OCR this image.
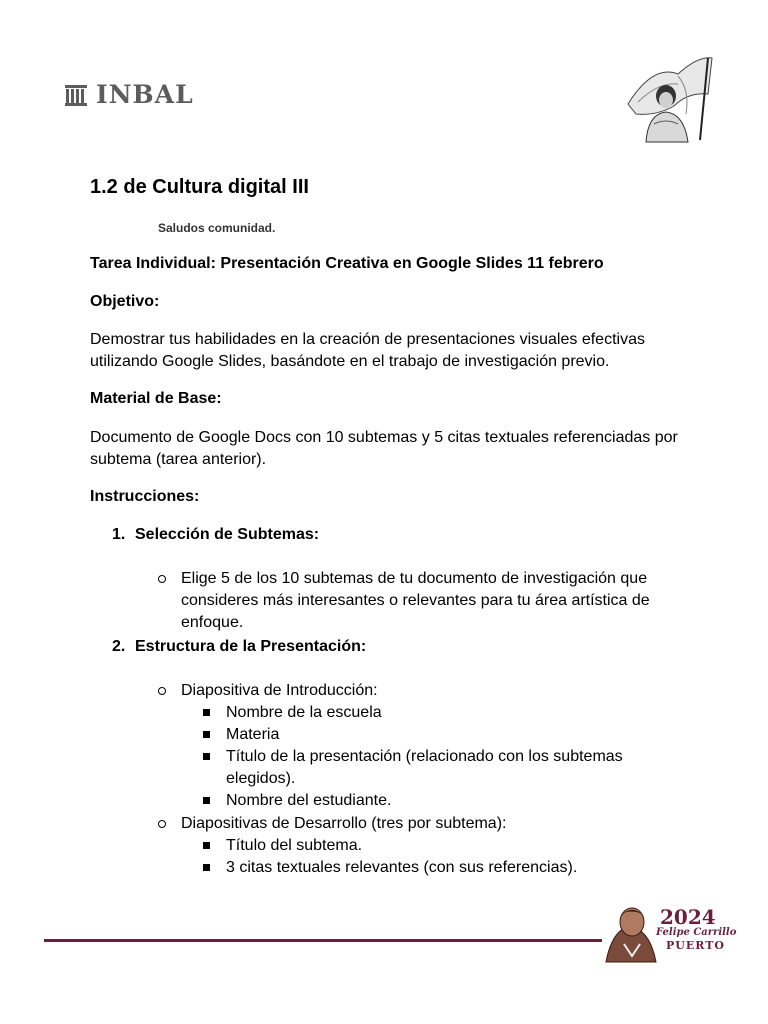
INBAL
1.2 de Cultura digital III
Saludos comunidad.

Tarea Individual: Presentación Creativa en Google Slides 11 febrero

Objetivo:

Demostrar tus habilidades en la creación de presentaciones visuales efectivas utilizando Google Slides, basándote en el trabajo de investigación previo.

Material de Base:

Documento de Google Docs con 10 subtemas y 5 citas textuales referenciadas por subtema (tarea anterior).

Instrucciones:

1. Selección de Subtemas:
Elige 5 de los 10 subtemas de tu documento de investigación que consideres más interesantes o relevantes para tu área artística de enfoque.
2. Estructura de la Presentación:
Diapositiva de Introducción:
Nombre de la escuela
Materia
Título de la presentación (relacionado con los subtemas elegidos).
Nombre del estudiante.
Diapositivas de Desarrollo (tres por subtema):
Título del subtema.
3 citas textuales relevantes (con sus referencias).
2024
Felipe Carrillo
PUERTO
